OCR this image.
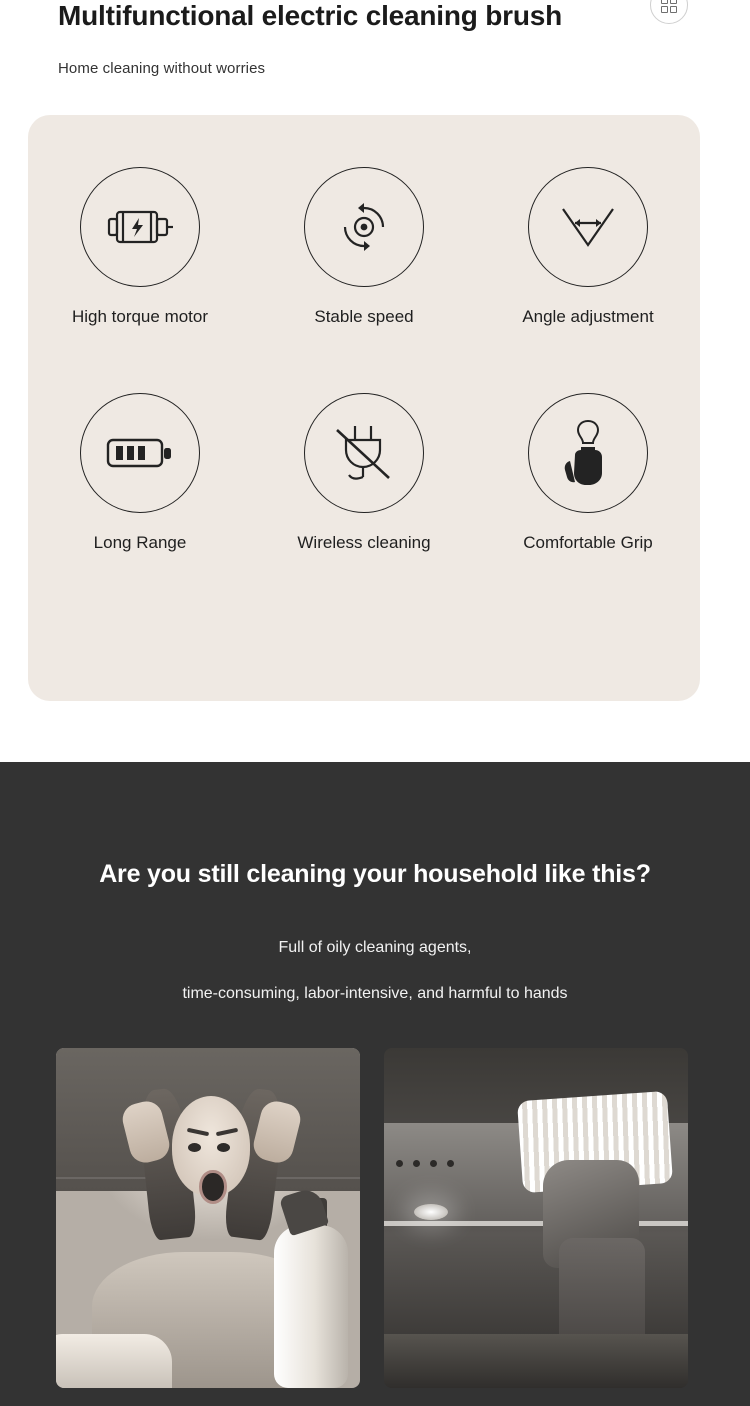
Multifunctional electric cleaning brush
Home cleaning without worries
High torque motor	Stable speed	Angle adjustment
Long Range	Wireless cleaning	Comfortable Grip
Are you still cleaning your household like this?
Full of oily cleaning agents,
time-consuming, labor-intensive, and harmful to hands
